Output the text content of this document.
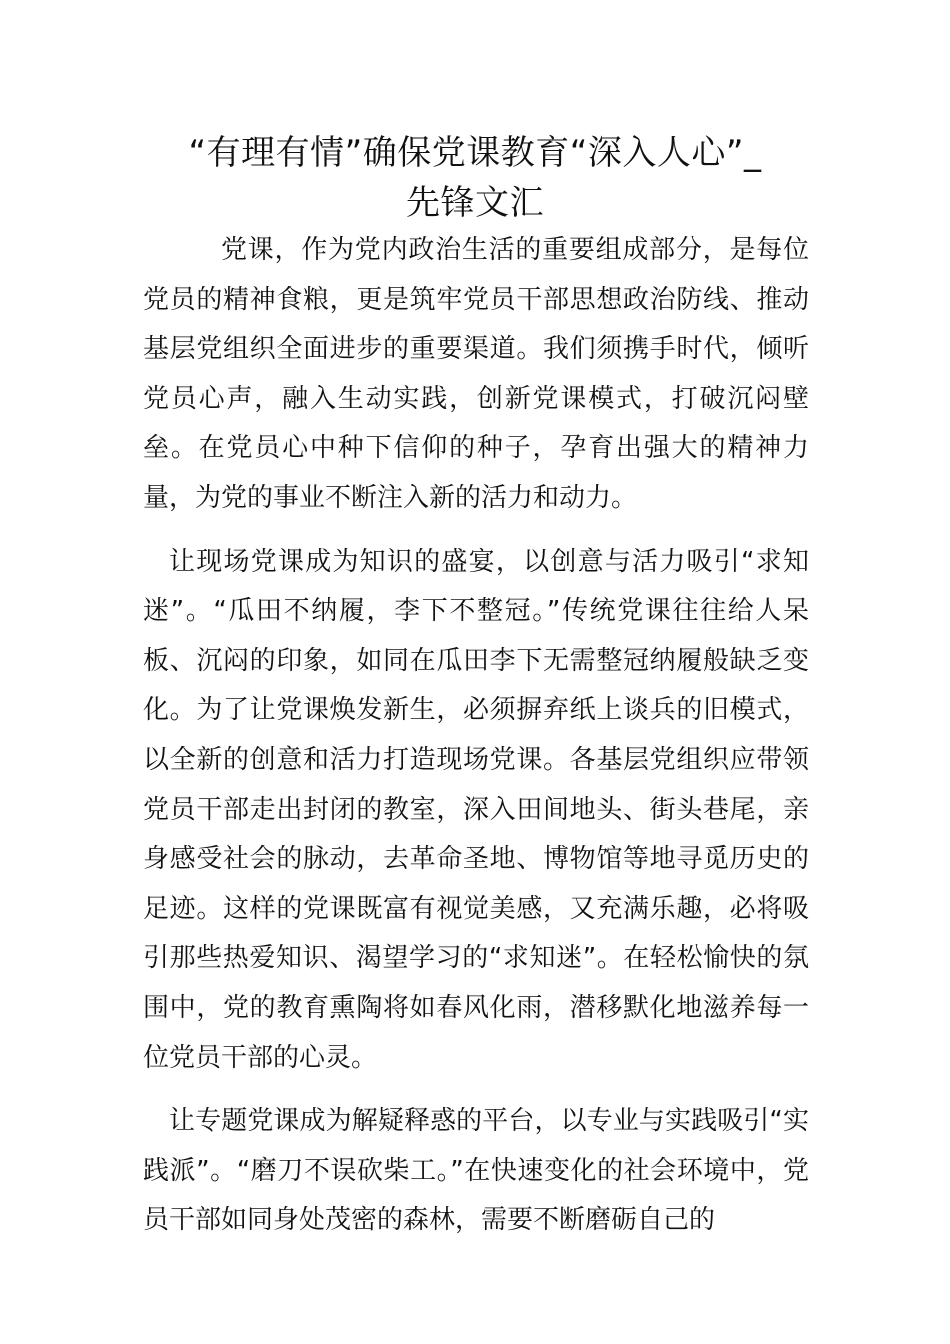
“有理有情”确保党课教育“深入人心”_
先锋文汇

党课，作为党内政治生活的重要组成部分，是每位党员的精神食粮，更是筑牢党员干部思想政治防线、推动基层党组织全面进步的重要渠道。我们须携手时代，倾听党员心声，融入生动实践，创新党课模式，打破沉闷壁垒。在党员心中种下信仰的种子，孕育出强大的精神力量，为党的事业不断注入新的活力和动力。

让现场党课成为知识的盛宴，以创意与活力吸引“求知迷”。“瓜田不纳履，李下不整冠。”传统党课往往给人呆板、沉闷的印象，如同在瓜田李下无需整冠纳履般缺乏变化。为了让党课焕发新生，必须摒弃纸上谈兵的旧模式，以全新的创意和活力打造现场党课。各基层党组织应带领党员干部走出封闭的教室，深入田间地头、街头巷尾，亲身感受社会的脉动，去革命圣地、博物馆等地寻觅历史的足迹。这样的党课既富有视觉美感，又充满乐趣，必将吸引那些热爱知识、渴望学习的“求知迷”。在轻松愉快的氛围中，党的教育熏陶将如春风化雨，潜移默化地滋养每一位党员干部的心灵。

让专题党课成为解疑释惑的平台，以专业与实践吸引“实践派”。“磨刀不误砍柴工。”在快速变化的社会环境中，党员干部如同身处茂密的森林，需要不断磨砺自己的
